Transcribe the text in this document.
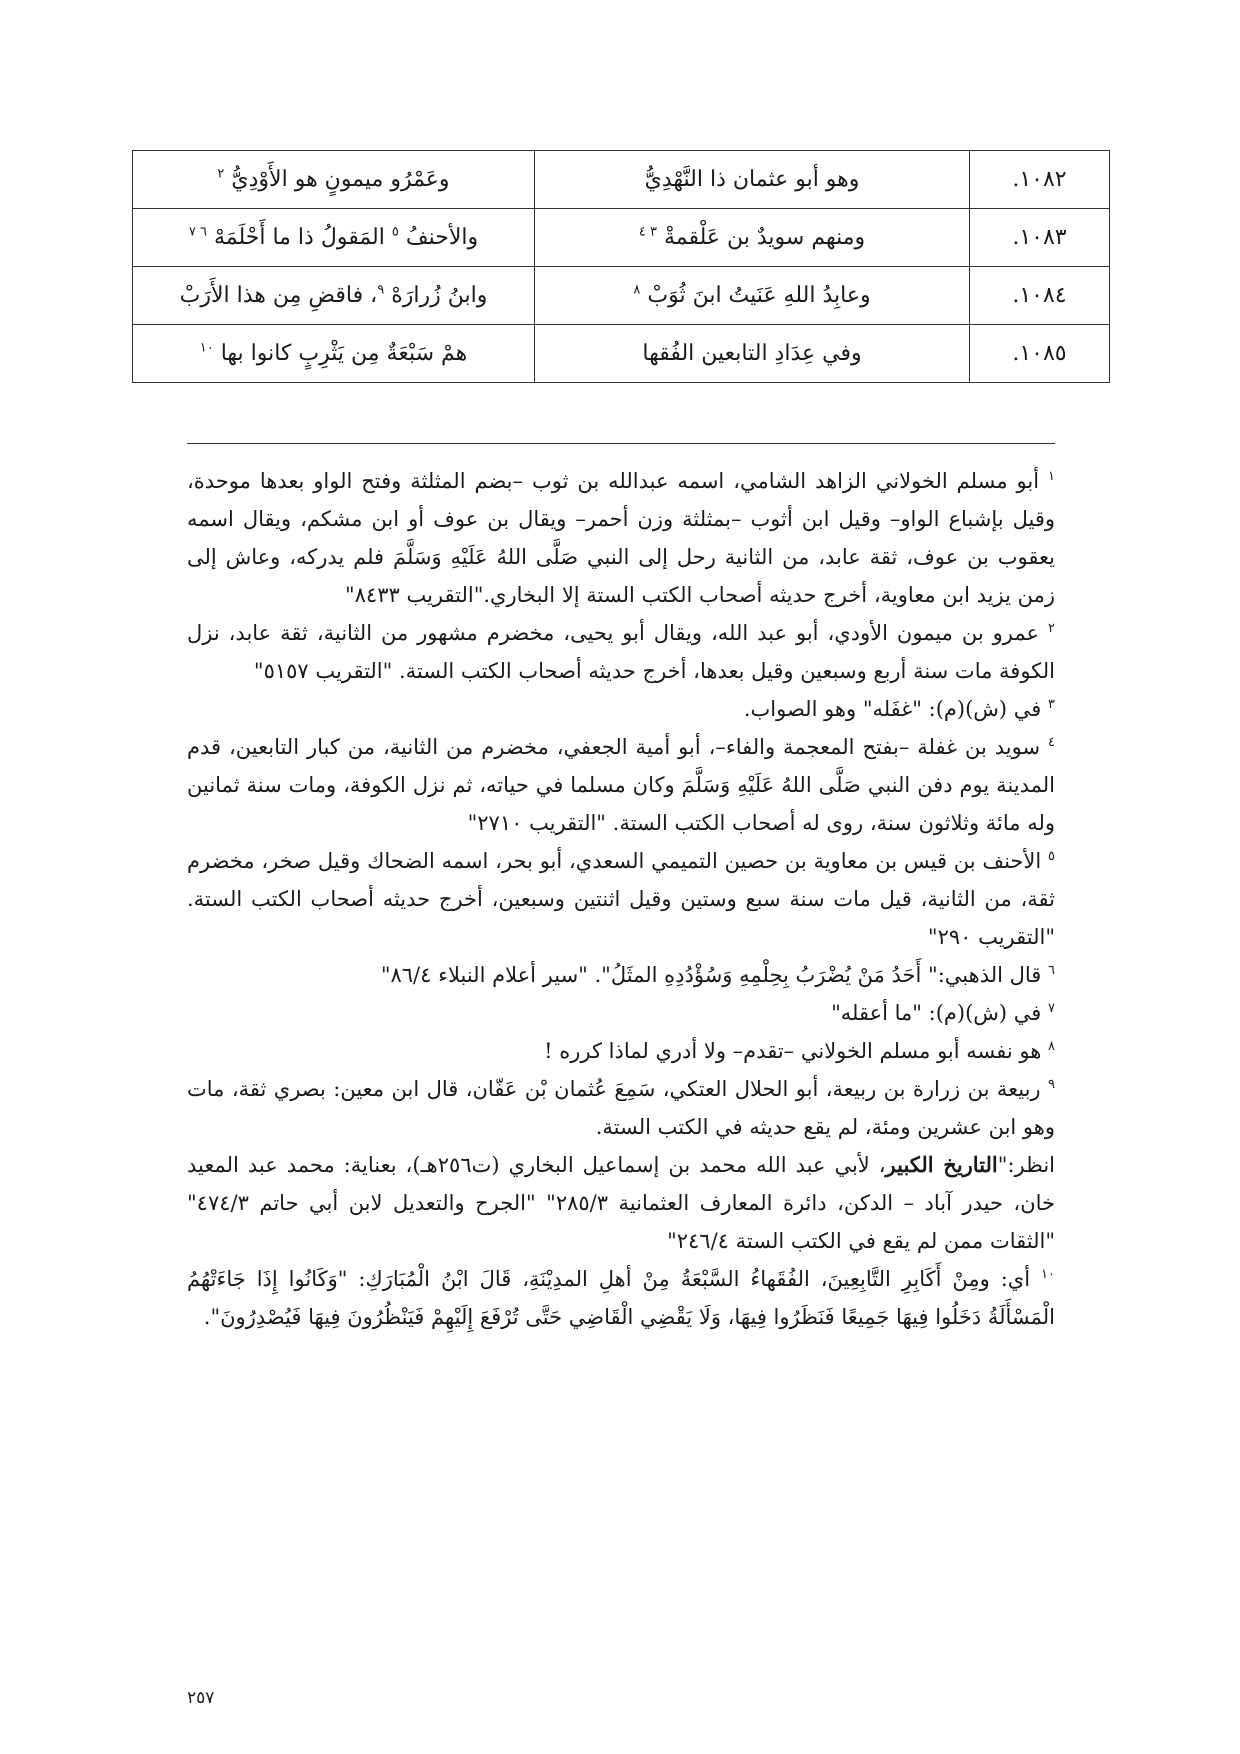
١٠٨٢.	وهو أبو عثمان ذا النَّهْدِيُّ	وعَمْرُو ميمونٍ هو الأَوْدِيُّ $^٢$
١٠٨٣.	ومنهم سويدٌ بن عَلْقمةْ $^{٣ ٤}$	والأحنفُ $^٥$ المَقولُ ذا ما أَحْلَمَهْ $^{٦ ٧}$
١٠٨٤.	وعابِدُ اللهِ عَنَيتُ ابنَ ثُوَبْ $^٨$	وابنُ زُرارَهْ $^٩$، فاقضِ مِن هذا الأَرَبْ
١٠٨٥.	وفي عِدَادِ التابعين الفُقها	همْ سَبْعَةٌ مِن يَثْرِبٍ كانوا بها $^{١٠}$

$^١$ أبو مسلم الخولاني الزاهد الشامي، اسمه عبدالله بن ثوب –بضم المثلثة وفتح الواو بعدها موحدة، وقيل بإشباع الواو– وقيل ابن أثوب –بمثلثة وزن أحمر– ويقال بن عوف أو ابن مشكم، ويقال اسمه يعقوب بن عوف، ثقة عابد، من الثانية رحل إلى النبي صَلَّى اللهُ عَلَيْهِ وَسَلَّمَ فلم يدركه، وعاش إلى زمن يزيد ابن معاوية، أخرج حديثه أصحاب الكتب الستة إلا البخاري."التقريب ٨٤٣٣"

$^٢$ عمرو بن ميمون الأودي، أبو عبد الله، ويقال أبو يحيى، مخضرم مشهور من الثانية، ثقة عابد، نزل الكوفة مات سنة أربع وسبعين وقيل بعدها، أخرج حديثه أصحاب الكتب الستة. "التقريب ٥١٥٧"

$^٣$ في (ش)(م): "غفَله" وهو الصواب.

$^٤$ سويد بن غفلة –بفتح المعجمة والفاء–، أبو أمية الجعفي، مخضرم من الثانية، من كبار التابعين، قدم المدينة يوم دفن النبي صَلَّى اللهُ عَلَيْهِ وَسَلَّمَ وكان مسلما في حياته، ثم نزل الكوفة، ومات سنة ثمانين وله مائة وثلاثون سنة، روى له أصحاب الكتب الستة. "التقريب ٢٧١٠"

$^٥$ الأحنف بن قيس بن معاوية بن حصين التميمي السعدي، أبو بحر، اسمه الضحاك وقيل صخر، مخضرم ثقة، من الثانية، قيل مات سنة سبع وستين وقيل اثنتين وسبعين، أخرج حديثه أصحاب الكتب الستة. "التقريب ٢٩٠"

$^٦$ قال الذهبي:" أَحَدُ مَنْ يُضْرَبُ بِحِلْمِهِ وَسُؤْدُدِهِ المثَلُ". "سير أعلام النبلاء ٨٦/٤"

$^٧$ في (ش)(م): "ما أعقله"

$^٨$ هو نفسه أبو مسلم الخولاني –تقدم– ولا أدري لماذا كرره !

$^٩$ ربيعة بن زرارة بن ربيعة، أبو الحلال العتكي، سَمِعَ عُثمان بْن عَفّان، قال ابن معين: بصري ثقة، مات وهو ابن عشرين ومئة، لم يقع حديثه في الكتب الستة.

انظر:"التاريخ الكبير، لأبي عبد الله محمد بن إسماعيل البخاري (ت٢٥٦هـ)، بعناية: محمد عبد المعيد خان، حيدر آباد – الدكن، دائرة المعارف العثمانية ٢٨٥/٣" "الجرح والتعديل لابن أبي حاتم ٤٧٤/٣" "الثقات ممن لم يقع في الكتب الستة ٢٤٦/٤"

$^{١٠}$ أي: ومِنْ أَكَابِرِ التَّابِعِينَ، الفُقَهاءُ السَّبْعَةُ مِنْ أهلِ المدِيْنَةِ، قَالَ ابْنُ الْمُبَارَكِ: "وَكَانُوا إِذَا جَاءَتْهُمُ الْمَسْأَلَةُ دَخَلُوا فِيهَا جَمِيعًا فَنَظَرُوا فِيهَا، وَلَا يَقْضِي الْقَاضِي حَتَّى تُرْفَعَ إِلَيْهِمْ فَيَنْظُرُونَ فِيهَا فَيُصْدِرُونَ".

٢٥٧
